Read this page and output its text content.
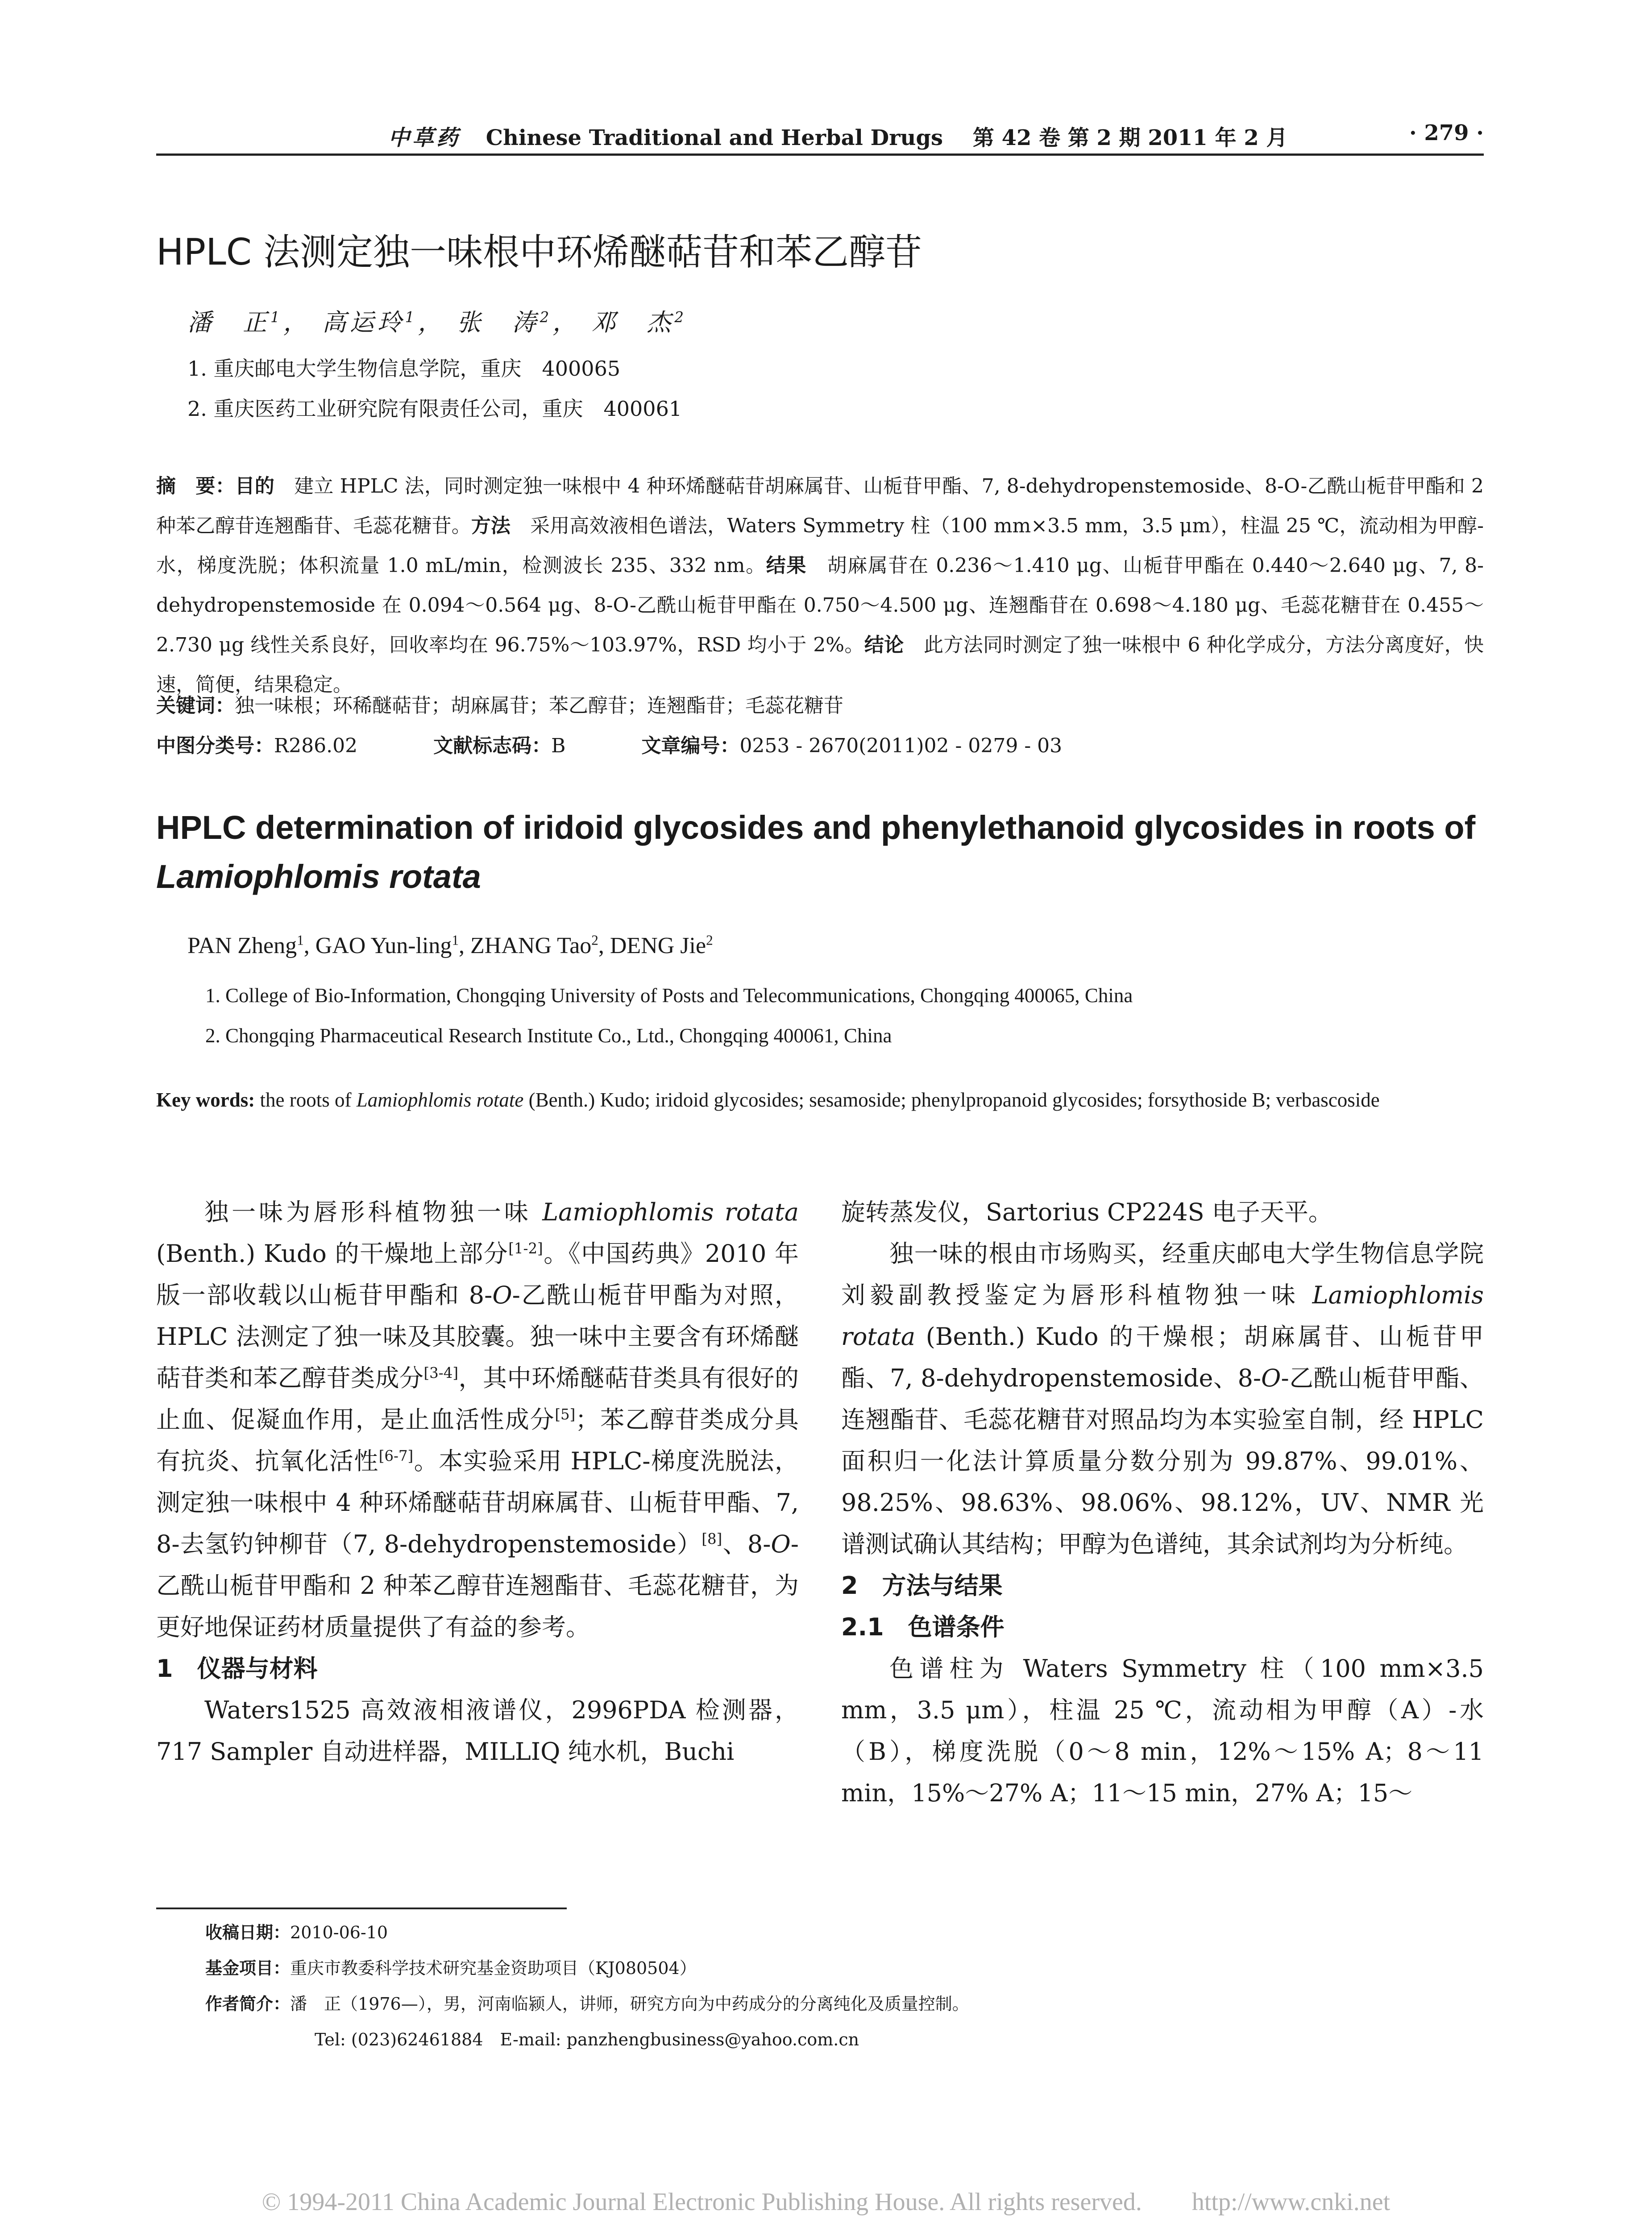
中草药 Chinese Traditional and Herbal Drugs 第 42 卷 第 2 期 2011 年 2 月	· 279 ·
HPLC 法测定独一味根中环烯醚萜苷和苯乙醇苷
潘　正$^1$， 高运玲$^1$， 张　涛$^2$， 邓　杰$^2$
1. 重庆邮电大学生物信息学院，重庆　400065
2. 重庆医药工业研究院有限责任公司，重庆　400061
摘　要：目的　建立 HPLC 法，同时测定独一味根中 4 种环烯醚萜苷胡麻属苷、山栀苷甲酯、7, 8-dehydropenstemoside、8-O-乙酰山栀苷甲酯和 2 种苯乙醇苷连翘酯苷、毛蕊花糖苷。方法　采用高效液相色谱法，Waters Symmetry 柱（100 mm×3.5 mm，3.5 μm），柱温 25 ℃，流动相为甲醇-水，梯度洗脱；体积流量 1.0 mL/min，检测波长 235、332 nm。结果　胡麻属苷在 0.236～1.410 μg、山栀苷甲酯在 0.440～2.640 μg、7, 8-dehydropenstemoside 在 0.094～0.564 μg、8-O-乙酰山栀苷甲酯在 0.750～4.500 μg、连翘酯苷在 0.698～4.180 μg、毛蕊花糖苷在 0.455～2.730 μg 线性关系良好，回收率均在 96.75%～103.97%，RSD 均小于 2%。结论　此方法同时测定了独一味根中 6 种化学成分，方法分离度好，快速，简便，结果稳定。
关键词：独一味根；环稀醚萜苷；胡麻属苷；苯乙醇苷；连翘酯苷；毛蕊花糖苷
中图分类号：R286.02	文献标志码：B	文章编号：0253 - 2670(2011)02 - 0279 - 03
HPLC determination of iridoid glycosides and phenylethanoid glycosides in roots of Lamiophlomis rotata
PAN Zheng$^1$, GAO Yun-ling$^1$, ZHANG Tao$^2$, DENG Jie$^2$
1. College of Bio-Information, Chongqing University of Posts and Telecommunications, Chongqing 400065, China
2. Chongqing Pharmaceutical Research Institute Co., Ltd., Chongqing 400061, China
Key words: the roots of Lamiophlomis rotate (Benth.) Kudo; iridoid glycosides; sesamoside; phenylpropanoid glycosides; forsythoside B; verbascoside

独一味为唇形科植物独一味 Lamiophlomis rotata (Benth.) Kudo 的干燥地上部分[1-2]。《中国药典》2010 年版一部收载以山栀苷甲酯和 8-O-乙酰山栀苷甲酯为对照，HPLC 法测定了独一味及其胶囊。独一味中主要含有环烯醚萜苷类和苯乙醇苷类成分[3-4]，其中环烯醚萜苷类具有很好的止血、促凝血作用，是止血活性成分[5]；苯乙醇苷类成分具有抗炎、抗氧化活性[6-7]。本实验采用 HPLC-梯度洗脱法，测定独一味根中 4 种环烯醚萜苷胡麻属苷、山栀苷甲酯、7, 8-去氢钓钟柳苷（7, 8-dehydropenstemoside）[8]、8-O-乙酰山栀苷甲酯和 2 种苯乙醇苷连翘酯苷、毛蕊花糖苷，为更好地保证药材质量提供了有益的参考。

1　仪器与材料

Waters1525 高效液相液谱仪，2996PDA 检测器，717 Sampler 自动进样器，MILLIQ 纯水机，Buchi

旋转蒸发仪，Sartorius CP224S 电子天平。

独一味的根由市场购买，经重庆邮电大学生物信息学院刘毅副教授鉴定为唇形科植物独一味 Lamiophlomis rotata (Benth.) Kudo 的干燥根；胡麻属苷、山栀苷甲酯、7, 8-dehydropenstemoside、8-O-乙酰山栀苷甲酯、连翘酯苷、毛蕊花糖苷对照品均为本实验室自制，经 HPLC 面积归一化法计算质量分数分别为 99.87%、99.01%、98.25%、98.63%、98.06%、98.12%，UV、NMR 光谱测试确认其结构；甲醇为色谱纯，其余试剂均为分析纯。

2　方法与结果
2.1　色谱条件

色谱柱为 Waters Symmetry 柱（100 mm×3.5 mm，3.5 μm），柱温 25 ℃，流动相为甲醇（A）-水（B），梯度洗脱（0～8 min，12%～15% A；8～11 min，15%～27% A；11～15 min，27% A；15～

收稿日期：2010-06-10
基金项目：重庆市教委科学技术研究基金资助项目（KJ080504）
作者简介：潘　正（1976—），男，河南临颍人，讲师，研究方向为中药成分的分离纯化及质量控制。
Tel: (023)62461884　E-mail: panzhengbusiness@yahoo.com.cn
© 1994-2011 China Academic Journal Electronic Publishing House. All rights reserved.　　http://www.cnki.net
